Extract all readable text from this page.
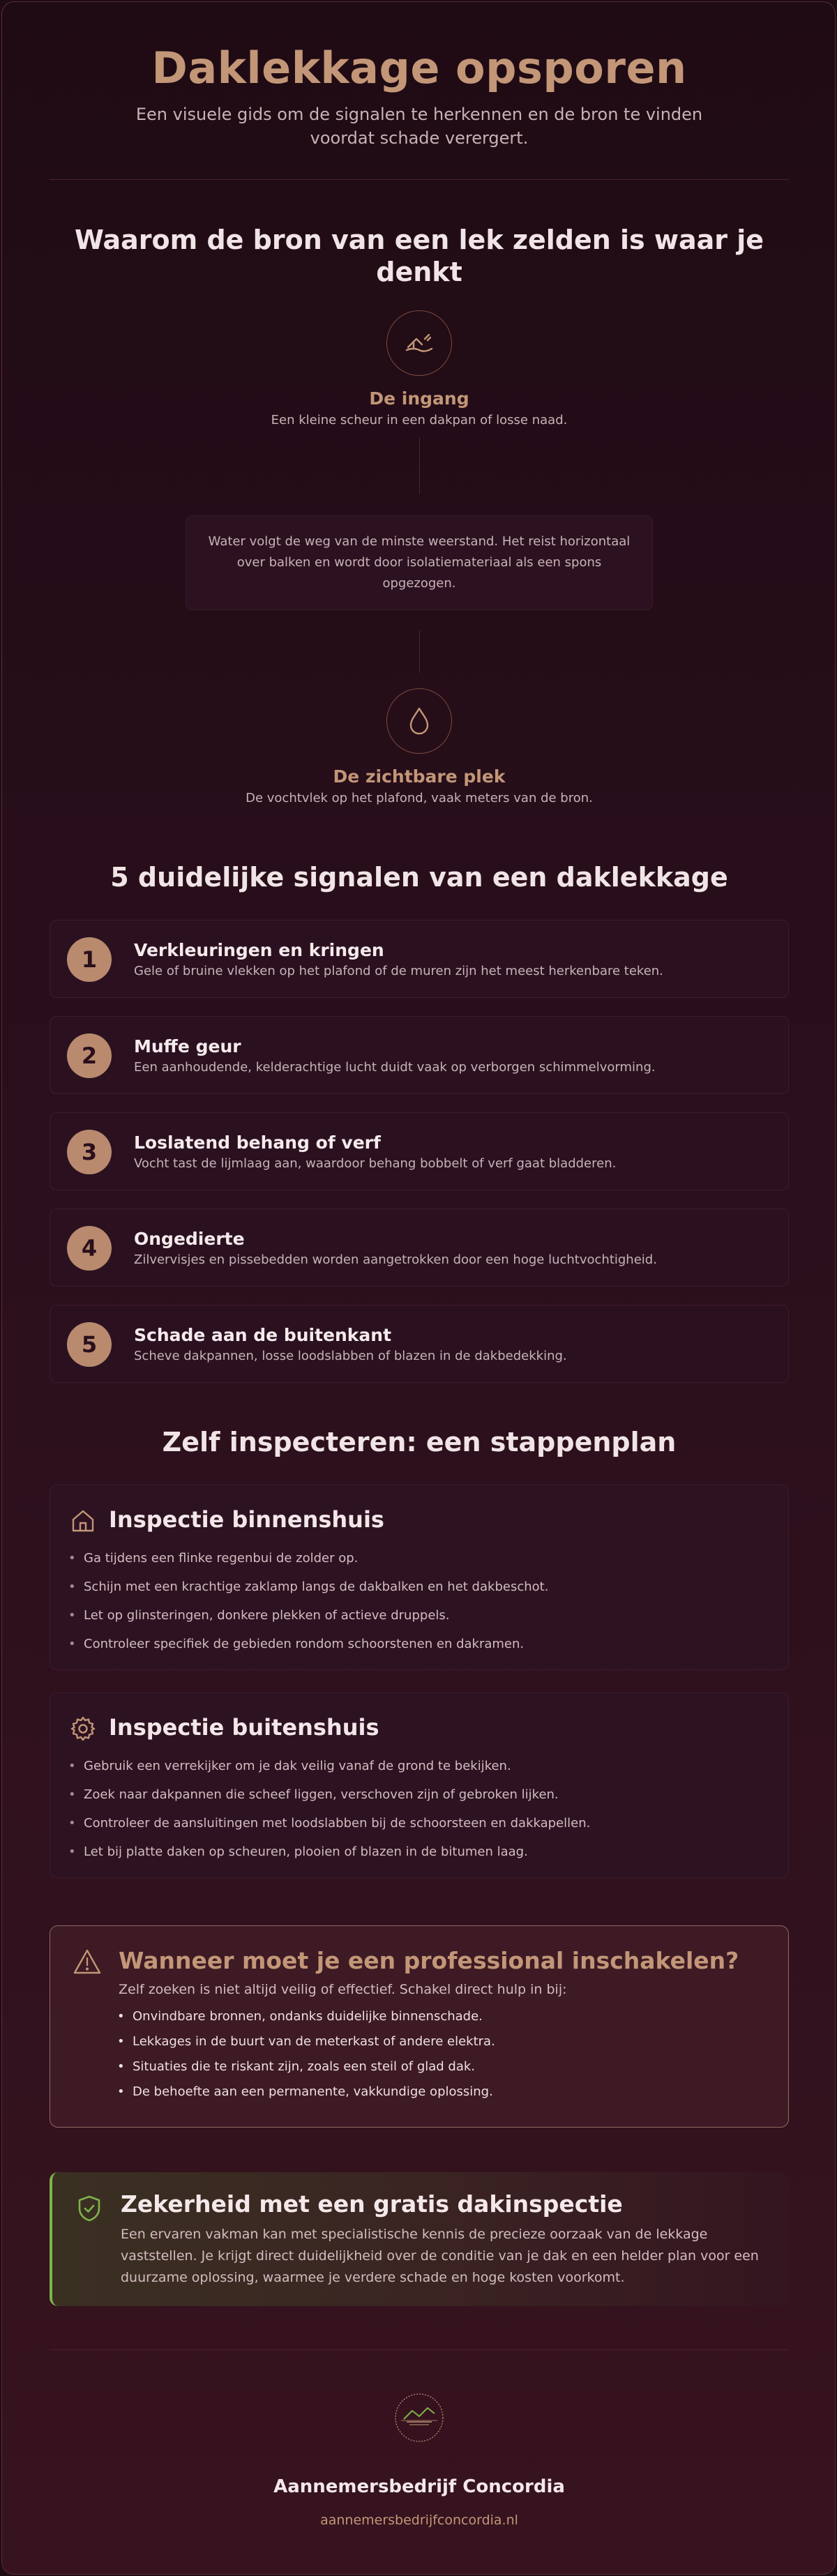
Daklekkage opsporen
Een visuele gids om de signalen te herkennen en de bron te vinden
voordat schade verergert.
Waarom de bron van een lek zelden is waar je
denkt
De ingang
Een kleine scheur in een dakpan of losse naad.
Water volgt de weg van de minste weerstand. Het reist horizontaal over balken en wordt door isolatiemateriaal als een spons opgezogen.
De zichtbare plek
De vochtvlek op het plafond, vaak meters van de bron.
5 duidelijke signalen van een daklekkage
1	Verkleuringen en kringen
Gele of bruine vlekken op het plafond of de muren zijn het meest herkenbare teken.
2	Muffe geur
Een aanhoudende, kelderachtige lucht duidt vaak op verborgen schimmelvorming.
3	Loslatend behang of verf
Vocht tast de lijmlaag aan, waardoor behang bobbelt of verf gaat bladderen.
4	Ongedierte
Zilvervisjes en pissebedden worden aangetrokken door een hoge luchtvochtigheid.
5	Schade aan de buitenkant
Scheve dakpannen, losse loodslabben of blazen in de dakbedekking.
Zelf inspecteren: een stappenplan
Inspectie binnenshuis
• Ga tijdens een flinke regenbui de zolder op.
• Schijn met een krachtige zaklamp langs de dakbalken en het dakbeschot.
• Let op glinsteringen, donkere plekken of actieve druppels.
• Controleer specifiek de gebieden rondom schoorstenen en dakramen.
Inspectie buitenshuis
• Gebruik een verrekijker om je dak veilig vanaf de grond te bekijken.
• Zoek naar dakpannen die scheef liggen, verschoven zijn of gebroken lijken.
• Controleer de aansluitingen met loodslabben bij de schoorsteen en dakkapellen.
• Let bij platte daken op scheuren, plooien of blazen in de bitumen laag.
Wanneer moet je een professional inschakelen?
Zelf zoeken is niet altijd veilig of effectief. Schakel direct hulp in bij:
• Onvindbare bronnen, ondanks duidelijke binnenschade.
• Lekkages in de buurt van de meterkast of andere elektra.
• Situaties die te riskant zijn, zoals een steil of glad dak.
• De behoefte aan een permanente, vakkundige oplossing.
Zekerheid met een gratis dakinspectie
Een ervaren vakman kan met specialistische kennis de precieze oorzaak van de lekkage vaststellen. Je krijgt direct duidelijkheid over de conditie van je dak en een helder plan voor een duurzame oplossing, waarmee je verdere schade en hoge kosten voorkomt.
Aannemersbedrijf Concordia
aannemersbedrijfconcordia.nl
